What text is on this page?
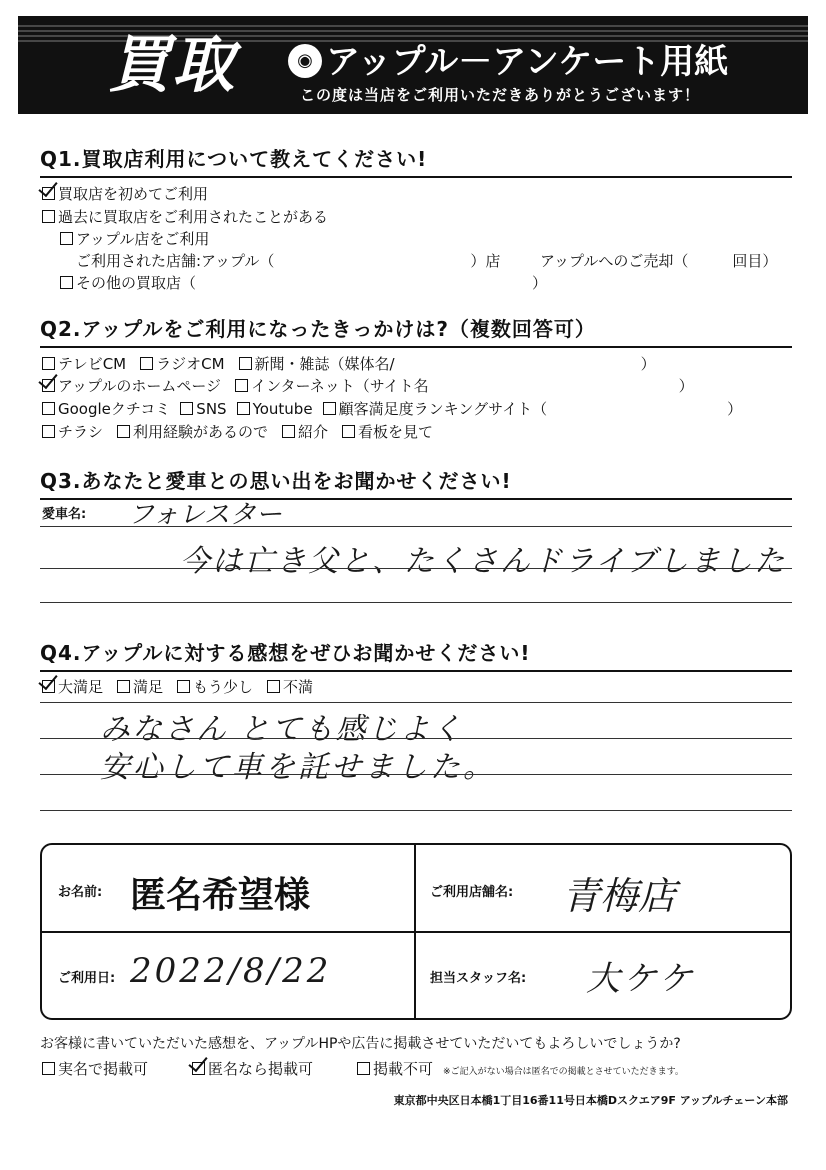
買取	◉ アップル－アンケート用紙
この度は当店をご利用いただきありがとうございます！
Q1.買取店利用について教えてください!
買取店を初めてご利用
過去に買取店をご利用されたことがある
アップル店をご利用
ご利用された店舗:アップル（	）店	アップルへのご売却（	回目）
その他の買取店（	）
Q2.アップルをご利用になったきっかけは?（複数回答可）
テレビCM ラジオCM 新聞・雑誌（媒体名/	）
アップルのホームページ インターネット（サイト名	）
Googleクチコミ SNS Youtube 顧客満足度ランキングサイト（	）
チラシ 利用経験があるので 紹介 看板を見て
Q3.あなたと愛車との思い出をお聞かせください!
愛車名: フォレスター
今は亡き父と、たくさんドライブしました
Q4.アップルに対する感想をぜひお聞かせください!
大満足 満足 もう少し 不満
みなさん とても感じよく
安心して車を託せました。
お名前: 匿名希望様	ご利用店舗名: 青梅店
ご利用日: 2022/8/22	担当スタッフ名: 大ケケ
お客様に書いていただいた感想を、アップルHPや広告に掲載させていただいてもよろしいでしょうか?
実名で掲載可	匿名なら掲載可	掲載不可 ※ご記入がない場合は匿名での掲載とさせていただきます。
東京都中央区日本橋1丁目16番11号日本橋Dスクエア9F アップルチェーン本部
